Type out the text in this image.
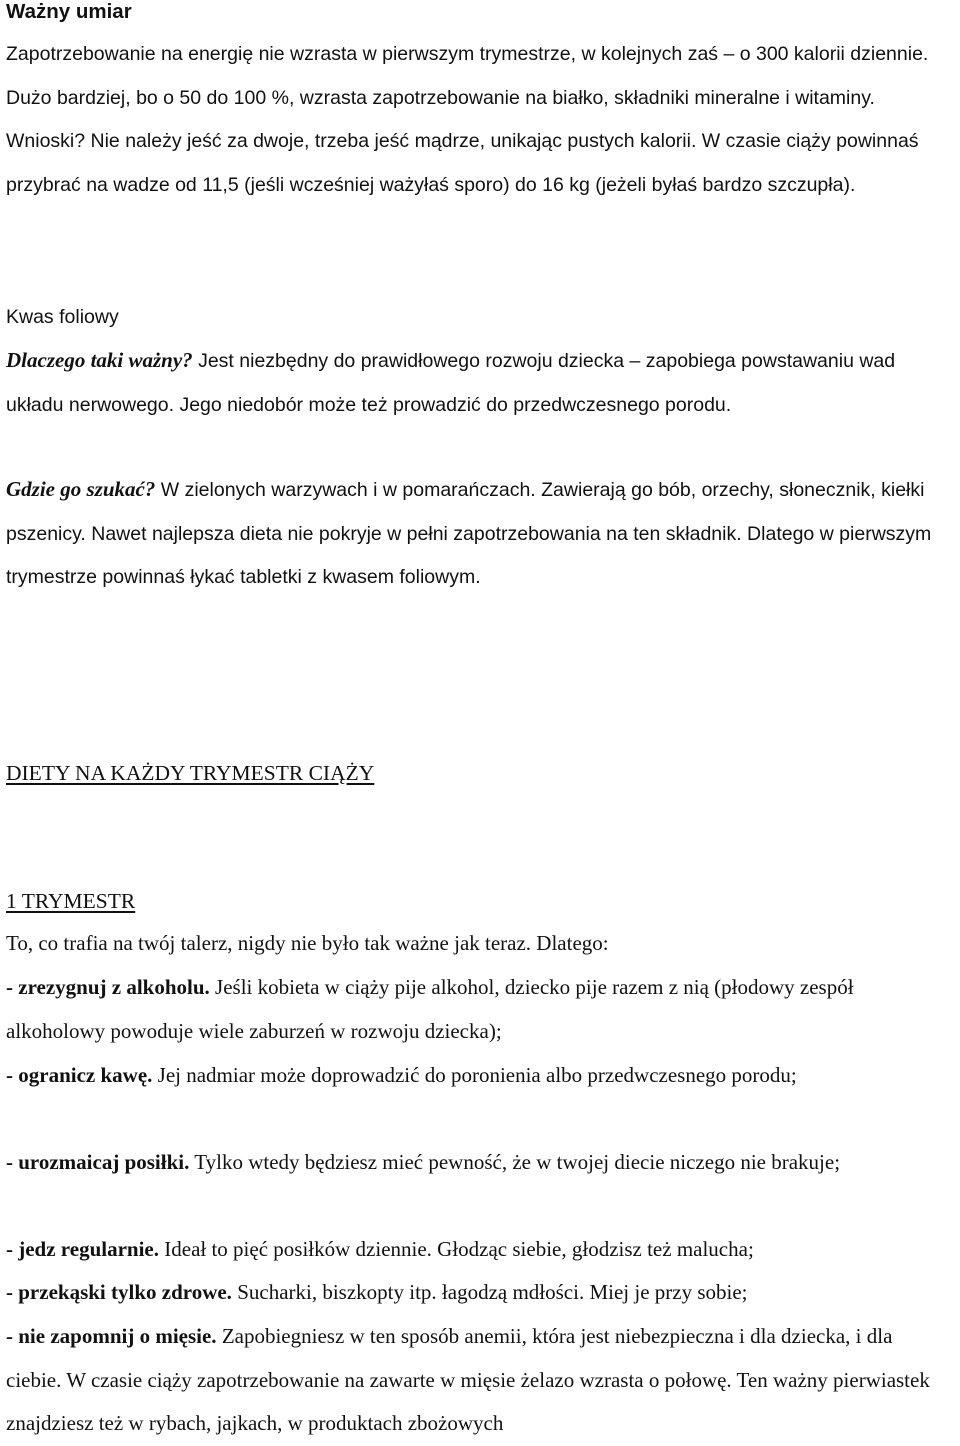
Ważny umiar
Zapotrzebowanie na energię nie wzrasta w pierwszym trymestrze, w kolejnych zaś – o 300 kalorii dziennie. Dużo bardziej, bo o 50 do 100 %, wzrasta zapotrzebowanie na białko, składniki mineralne i witaminy. Wnioski? Nie należy jeść za dwoje, trzeba jeść mądrze, unikając pustych kalorii. W czasie ciąży powinnaś przybrać na wadze od 11,5 (jeśli wcześniej ważyłaś sporo) do 16 kg (jeżeli byłaś bardzo szczupła).
Kwas foliowy
Dlaczego taki ważny? Jest niezbędny do prawidłowego rozwoju dziecka – zapobiega powstawaniu wad układu nerwowego. Jego niedobór może też prowadzić do przedwczesnego porodu.
Gdzie go szukać? W zielonych warzywach i w pomarańczach. Zawierają go bób, orzechy, słonecznik, kiełki pszenicy. Nawet najlepsza dieta nie pokryje w pełni zapotrzebowania na ten składnik. Dlatego w pierwszym trymestrze powinnaś łykać tabletki z kwasem foliowym.
DIETY NA KAŻDY TRYMESTR CIĄŻY
1 TRYMESTR
To, co trafia na twój talerz, nigdy nie było tak ważne jak teraz. Dlatego:
- zrezygnuj z alkoholu. Jeśli kobieta w ciąży pije alkohol, dziecko pije razem z nią (płodowy zespół alkoholowy powoduje wiele zaburzeń w rozwoju dziecka);
- ogranicz kawę. Jej nadmiar może doprowadzić do poronienia albo przedwczesnego porodu;
- urozmaicaj posiłki. Tylko wtedy będziesz mieć pewność, że w twojej diecie niczego nie brakuje;
- jedz regularnie. Ideał to pięć posiłków dziennie. Głodząc siebie, głodzisz też malucha;
- przekąski tylko zdrowe. Sucharki, biszkopty itp. łagodzą mdłości. Miej je przy sobie;
- nie zapomnij o mięsie. Zapobiegniesz w ten sposób anemii, która jest niebezpieczna i dla dziecka, i dla ciebie. W czasie ciąży zapotrzebowanie na zawarte w mięsie żelazo wzrasta o połowę. Ten ważny pierwiastek znajdziesz też w rybach, jajkach, w produktach zbożowych
